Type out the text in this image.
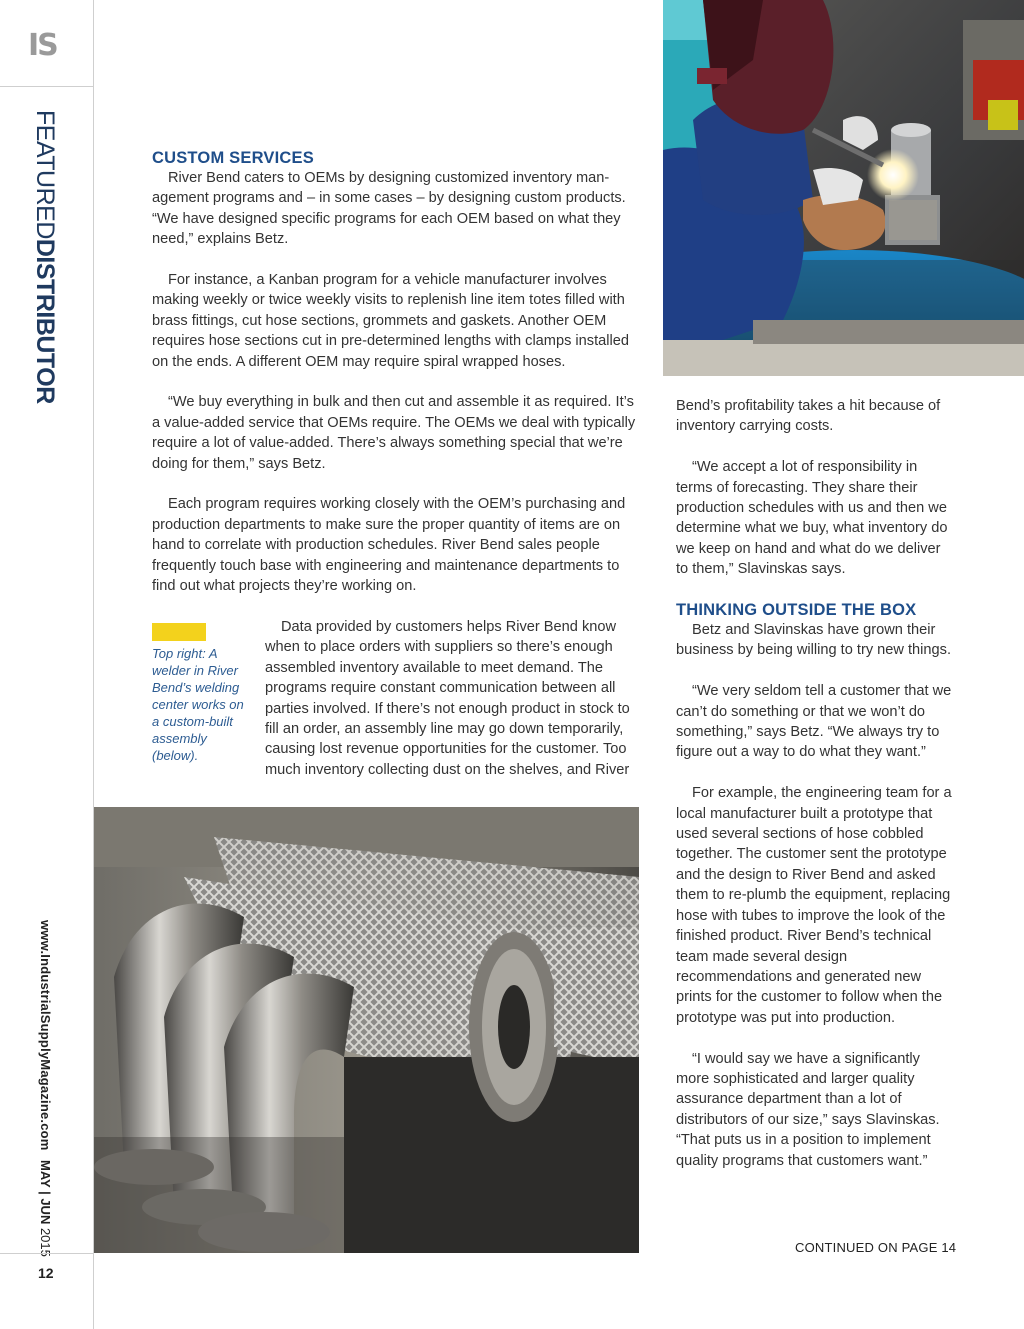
IS
FEATUREDDISTRIBUTOR
www.IndustrialSupplyMagazine.com
MAY | JUN 2015
12
CUSTOM SERVICES

River Bend caters to OEMs by designing customized inventory management programs and – in some cases – by designing custom products. “We have designed specific programs for each OEM based on what they need,” explains Betz.

For instance, a Kanban program for a vehicle manufacturer involves making weekly or twice weekly visits to replenish line item totes filled with brass fittings, cut hose sections, grommets and gaskets. Another OEM requires hose sections cut in pre-determined lengths with clamps installed on the ends. A different OEM may require spiral wrapped hoses.

“We buy everything in bulk and then cut and assemble it as required. It’s a value-added service that OEMs require. The OEMs we deal with typically require a lot of value-added. There’s always something special that we’re doing for them,” says Betz.

Each program requires working closely with the OEM’s purchasing and production departments to make sure the proper quantity of items are on hand to correlate with production schedules. River Bend sales people frequently touch base with engineering and maintenance departments to find out what projects they’re working on.

Top right: A welder in River Bend’s welding center works on a custom-built assembly (below).

Data provided by customers helps River Bend know when to place orders with suppliers so there’s enough assembled inventory available to meet demand. The programs require constant communication between all parties involved. If there’s not enough product in stock to fill an order, an assembly line may go down temporarily, causing lost revenue opportunities for the customer. Too much inventory collecting dust on the shelves, and River

Bend’s profitability takes a hit because of inventory carrying costs.

“We accept a lot of responsibility in terms of forecasting. They share their production schedules with us and then we determine what we buy, what inventory do we keep on hand and what do we deliver to them,” Slavinskas says.

THINKING OUTSIDE THE BOX

Betz and Slavinskas have grown their business by being willing to try new things.

“We very seldom tell a customer that we can’t do something or that we won’t do something,” says Betz. “We always try to figure out a way to do what they want.”

For example, the engineering team for a local manufacturer built a prototype that used several sections of hose cobbled together. The customer sent the prototype and the design to River Bend and asked them to re-plumb the equipment, replacing hose with tubes to improve the look of the finished product. River Bend’s technical team made several design recommendations and generated new prints for the customer to follow when the prototype was put into production.

“I would say we have a significantly more sophisticated and larger quality assurance department than a lot of distributors of our size,” says Slavinskas. “That puts us in a position to implement quality programs that customers want.”

CONTINUED ON PAGE 14
